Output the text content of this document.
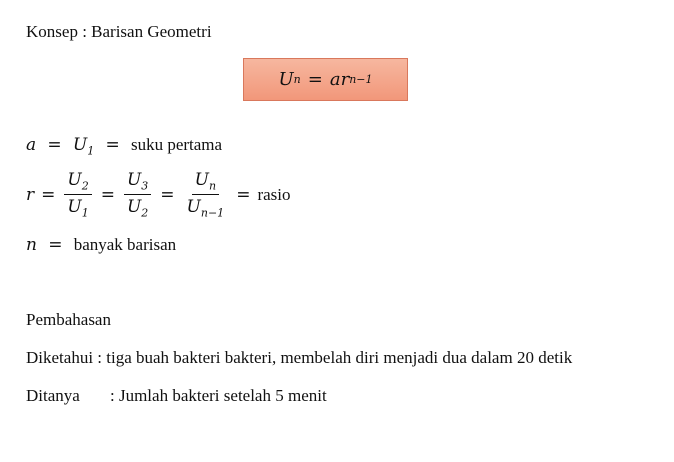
Konsep : Barisan Geometri
U n = ar n−1
$a = U_1$ = suku pertama
$r = \frac{U_2}{U_1} = \frac{U_3}{U_2} = \frac{U_n}{U_{n-1}}$ = rasio
n = banyak barisan
Pembahasan
Diketahui : tiga buah bakteri bakteri, membelah diri menjadi dua dalam 20 detik
Ditanya : Jumlah bakteri setelah 5 menit
